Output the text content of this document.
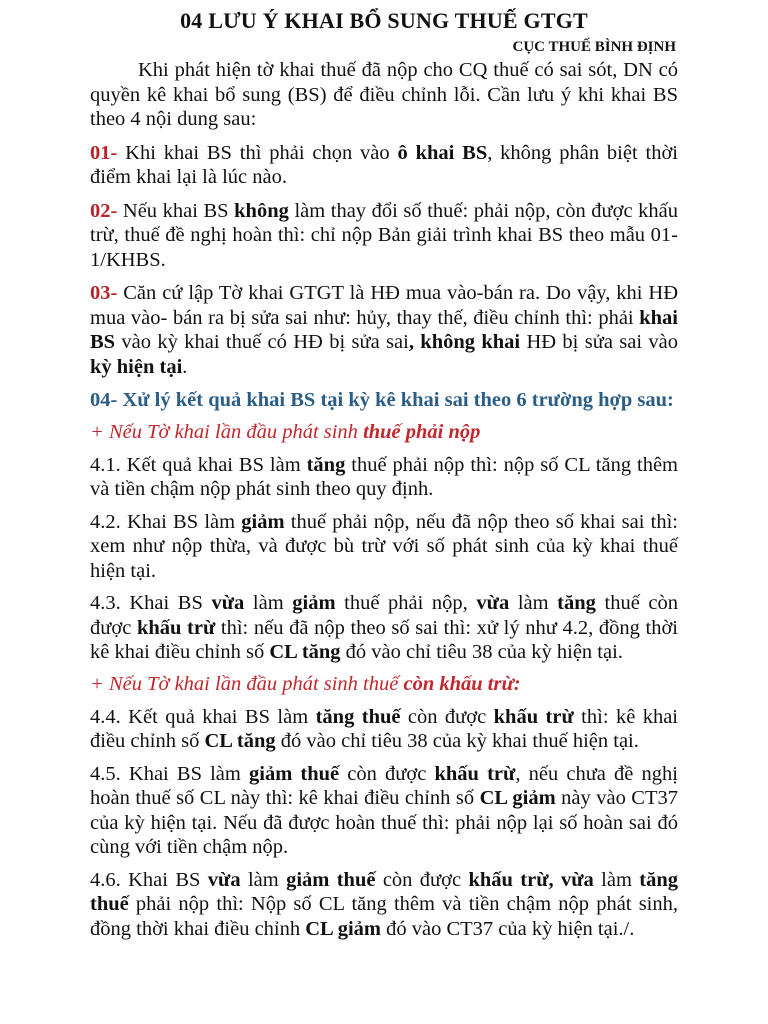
04 LƯU Ý KHAI BỔ SUNG THUẾ GTGT
CỤC THUẾ BÌNH ĐỊNH

Khi phát hiện tờ khai thuế đã nộp cho CQ thuế có sai sót, DN có quyền kê khai bổ sung (BS) để điều chỉnh lỗi. Cần lưu ý khi khai BS theo 4 nội dung sau:

01- Khi khai BS thì phải chọn vào ô khai BS, không phân biệt thời điểm khai lại là lúc nào.

02- Nếu khai BS không làm thay đổi số thuế: phải nộp, còn được khấu trừ, thuế đề nghị hoàn thì: chỉ nộp Bản giải trình khai BS theo mẫu 01-1/KHBS.

03- Căn cứ lập Tờ khai GTGT là HĐ mua vào-bán ra. Do vậy, khi HĐ mua vào- bán ra bị sửa sai như: hủy, thay thế, điều chỉnh thì: phải khai BS vào kỳ khai thuế có HĐ bị sửa sai, không khai HĐ bị sửa sai vào kỳ hiện tại.

04- Xử lý kết quả khai BS tại kỳ kê khai sai theo 6 trường hợp sau:

+ Nếu Tờ khai lần đầu phát sinh thuế phải nộp

4.1. Kết quả khai BS làm tăng thuế phải nộp thì: nộp số CL tăng thêm và tiền chậm nộp phát sinh theo quy định.

4.2. Khai BS làm giảm thuế phải nộp, nếu đã nộp theo số khai sai thì: xem như nộp thừa, và được bù trừ với số phát sinh của kỳ khai thuế hiện tại.

4.3. Khai BS vừa làm giảm thuế phải nộp, vừa làm tăng thuế còn được khấu trừ thì: nếu đã nộp theo số sai thì: xử lý như 4.2, đồng thời kê khai điều chỉnh số CL tăng đó vào chỉ tiêu 38 của kỳ hiện tại.

+ Nếu Tờ khai lần đầu phát sinh thuế còn khấu trừ:

4.4. Kết quả khai BS làm tăng thuế còn được khấu trừ thì: kê khai điều chỉnh số CL tăng đó vào chỉ tiêu 38 của kỳ khai thuế hiện tại.

4.5. Khai BS làm giảm thuế còn được khấu trừ, nếu chưa đề nghị hoàn thuế số CL này thì: kê khai điều chỉnh số CL giảm này vào CT37 của kỳ hiện tại. Nếu đã được hoàn thuế thì: phải nộp lại số hoàn sai đó cùng với tiền chậm nộp.

4.6. Khai BS vừa làm giảm thuế còn được khấu trừ, vừa làm tăng thuế phải nộp thì: Nộp số CL tăng thêm và tiền chậm nộp phát sinh, đồng thời khai điều chỉnh CL giảm đó vào CT37 của kỳ hiện tại./.
